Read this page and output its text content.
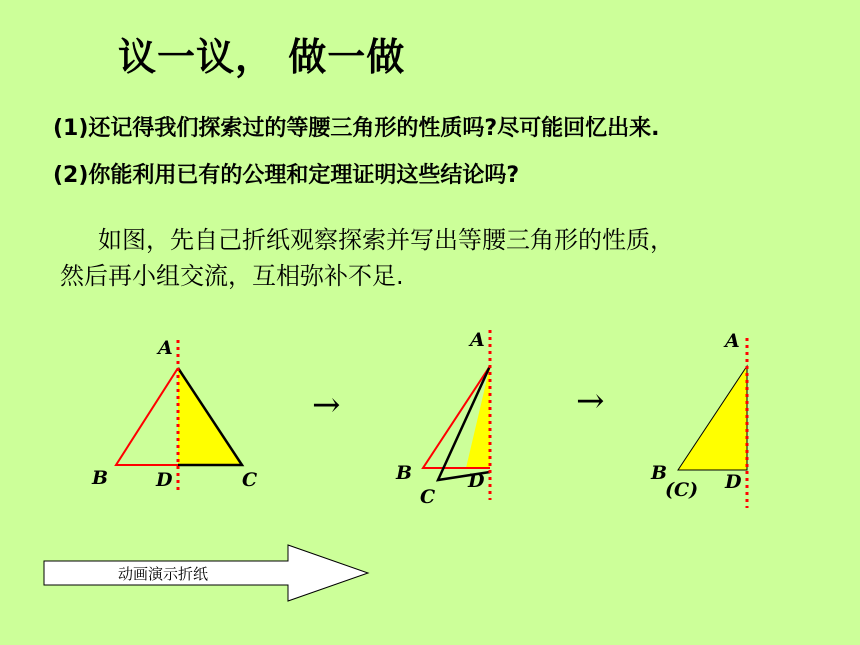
议一议， 做一做
(1)还记得我们探索过的等腰三角形的性质吗?尽可能回忆出来.
(2)你能利用已有的公理和定理证明这些结论吗?
如图，先自己折纸观察探索并写出等腰三角形的性质，
然后再小组交流，互相弥补不足.
A
B	D	C
→
A
B	D
C
→
A
B
(C) D
动画演示折纸
